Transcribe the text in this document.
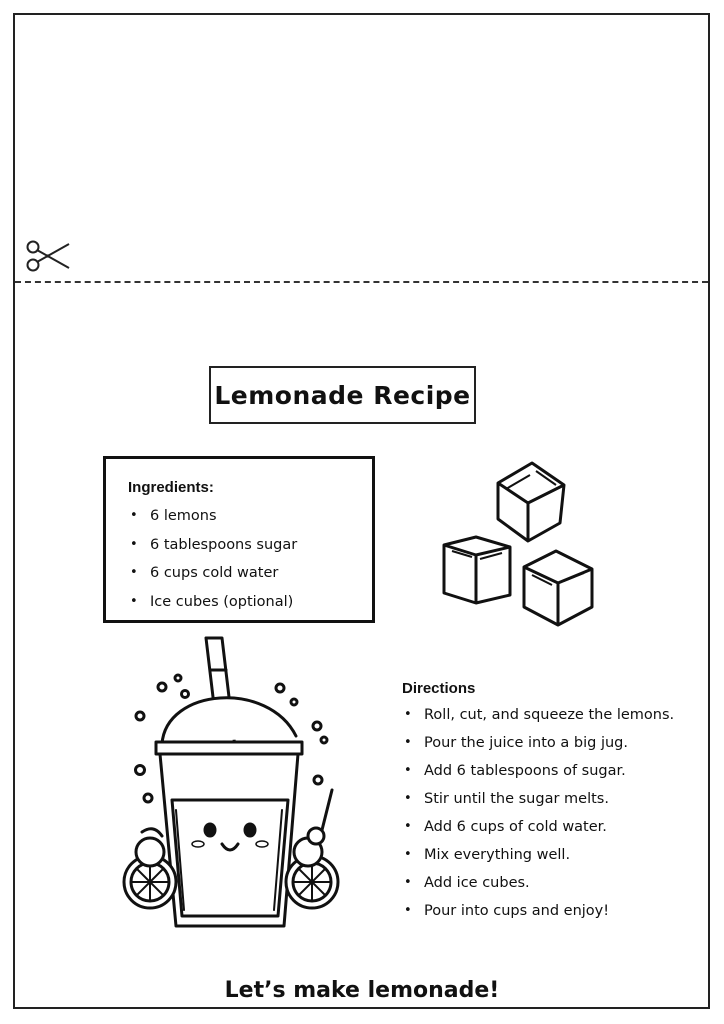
Lemonade Recipe
Ingredients:
• 6 lemons
• 6 tablespoons sugar
• 6 cups cold water
• Ice cubes (optional)
Directions
• Roll, cut, and squeeze the lemons.
• Pour the juice into a big jug.
• Add 6 tablespoons of sugar.
• Stir until the sugar melts.
• Add 6 cups of cold water.
• Mix everything well.
• Add ice cubes.
• Pour into cups and enjoy!
Let’s make lemonade!
